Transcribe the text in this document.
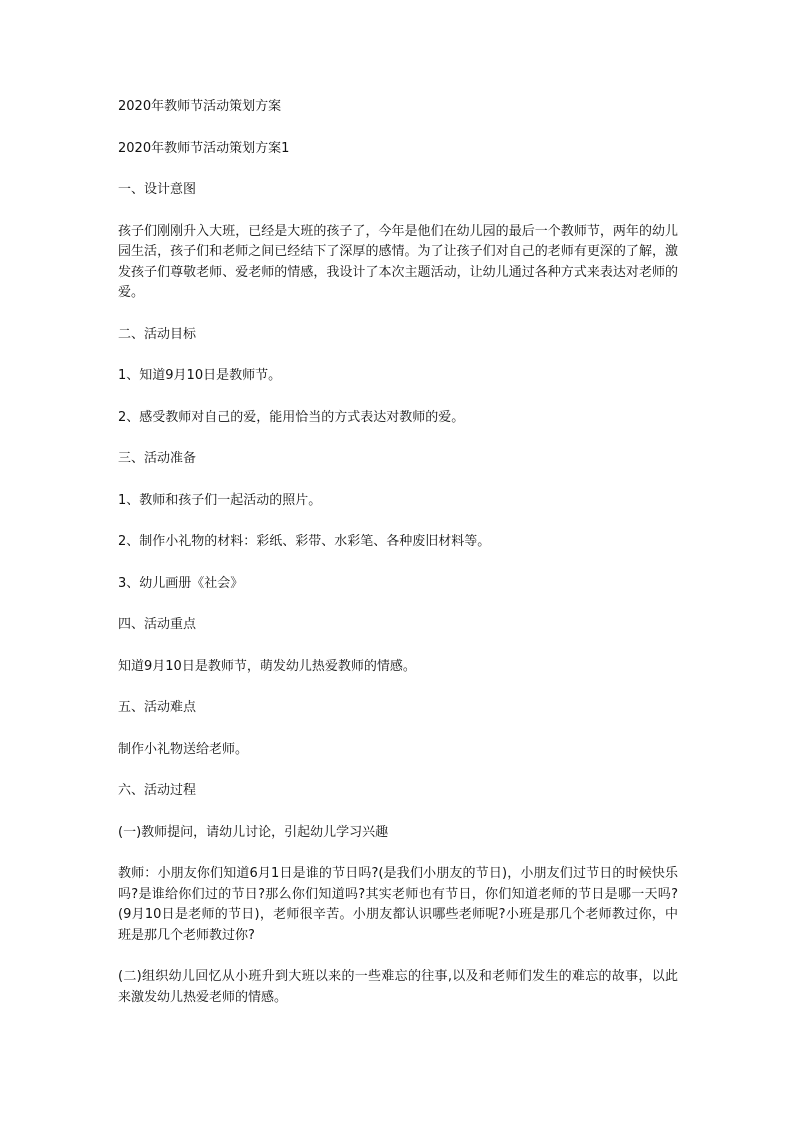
2020年教师节活动策划方案

2020年教师节活动策划方案1

一、设计意图

孩子们刚刚升入大班，已经是大班的孩子了，今年是他们在幼儿园的最后一个教师节，两年的幼儿园生活，孩子们和老师之间已经结下了深厚的感情。为了让孩子们对自己的老师有更深的了解，激发孩子们尊敬老师、爱老师的情感，我设计了本次主题活动，让幼儿通过各种方式来表达对老师的爱。

二、活动目标

1、知道9月10日是教师节。

2、感受教师对自己的爱，能用恰当的方式表达对教师的爱。

三、活动准备

1、教师和孩子们一起活动的照片。

2、制作小礼物的材料：彩纸、彩带、水彩笔、各种废旧材料等。

3、幼儿画册《社会》

四、活动重点

知道9月10日是教师节，萌发幼儿热爱教师的情感。

五、活动难点

制作小礼物送给老师。

六、活动过程

(一)教师提问，请幼儿讨论，引起幼儿学习兴趣

教师：小朋友你们知道6月1日是谁的节日吗?(是我们小朋友的节日)，小朋友们过节日的时候快乐吗?是谁给你们过的节日?那么你们知道吗?其实老师也有节日，你们知道老师的节日是哪一天吗?(9月10日是老师的节日)，老师很辛苦。小朋友都认识哪些老师呢?小班是那几个老师教过你，中班是那几个老师教过你?

(二)组织幼儿回忆从小班升到大班以来的一些难忘的往事,以及和老师们发生的难忘的故事，以此来激发幼儿热爱老师的情感。
